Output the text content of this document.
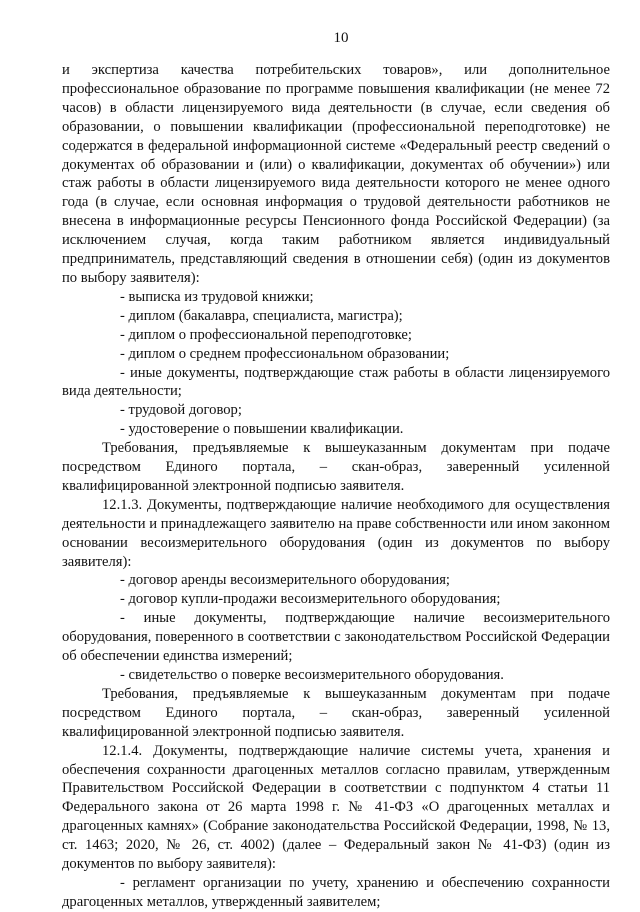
10

и экспертиза качества потребительских товаров», или дополнительное профессиональное образование по программе повышения квалификации (не менее 72 часов) в области лицензируемого вида деятельности (в случае, если сведения об образовании, о повышении квалификации (профессиональной переподготовке) не содержатся в федеральной информационной системе «Федеральный реестр сведений о документах об образовании и (или) о квалификации, документах об обучении») или стаж работы в области лицензируемого вида деятельности которого не менее одного года (в случае, если основная информация о трудовой деятельности работников не внесена в информационные ресурсы Пенсионного фонда Российской Федерации) (за исключением случая, когда таким работником является индивидуальный предприниматель, представляющий сведения в отношении себя) (один из документов по выбору заявителя):

- выписка из трудовой книжки;

- диплом (бакалавра, специалиста, магистра);

- диплом о профессиональной переподготовке;

- диплом о среднем профессиональном образовании;

- иные документы, подтверждающие стаж работы в области лицензируемого вида деятельности;

- трудовой договор;

- удостоверение о повышении квалификации.

Требования, предъявляемые к вышеуказанным документам при подаче посредством Единого портала, – скан-образ, заверенный усиленной квалифицированной электронной подписью заявителя.

12.1.3. Документы, подтверждающие наличие необходимого для осуществления деятельности и принадлежащего заявителю на праве собственности или ином законном основании весоизмерительного оборудования (один из документов по выбору заявителя):

- договор аренды весоизмерительного оборудования;

- договор купли-продажи весоизмерительного оборудования;

- иные документы, подтверждающие наличие весоизмерительного оборудования, поверенного в соответствии с законодательством Российской Федерации об обеспечении единства измерений;

- свидетельство о поверке весоизмерительного оборудования.

Требования, предъявляемые к вышеуказанным документам при подаче посредством Единого портала, – скан-образ, заверенный усиленной квалифицированной электронной подписью заявителя.

12.1.4. Документы, подтверждающие наличие системы учета, хранения и обеспечения сохранности драгоценных металлов согласно правилам, утвержденным Правительством Российской Федерации в соответствии с подпунктом 4 статьи 11 Федерального закона от 26 марта 1998 г. № 41-ФЗ «О драгоценных металлах и драгоценных камнях» (Собрание законодательства Российской Федерации, 1998, № 13, ст. 1463; 2020, № 26, ст. 4002) (далее – Федеральный закон № 41-ФЗ) (один из документов по выбору заявителя):

- регламент организации по учету, хранению и обеспечению сохранности драгоценных металлов, утвержденный заявителем;
